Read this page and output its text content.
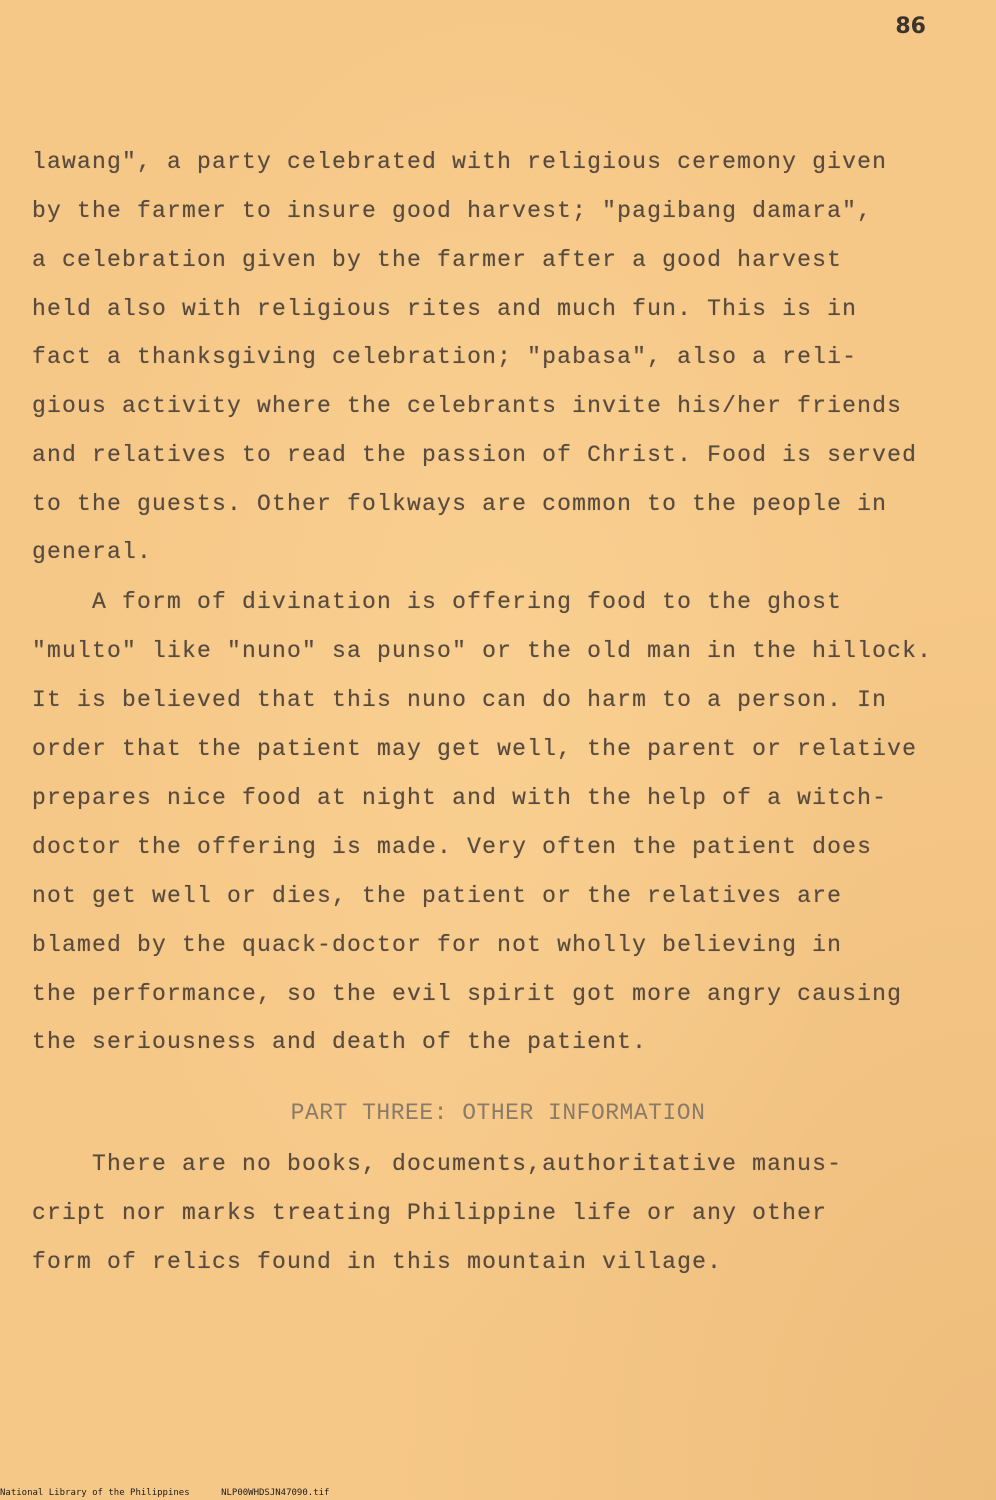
86
lawang", a party celebrated with religious ceremony given
by the farmer to insure good harvest; "pagibang damara",
a celebration given by the farmer after a good harvest
held also with religious rites and much fun. This is in
fact a thanksgiving celebration; "pabasa", also a reli-
gious activity where the celebrants invite his/her friends
and relatives to read the passion of Christ. Food is served
to the guests. Other folkways are common to the people in
general.
A form of divination is offering food to the ghost
"multo" like "nuno" sa punso" or the old man in the hillock.
It is believed that this nuno can do harm to a person. In
order that the patient may get well, the parent or relative
prepares nice food at night and with the help of a witch-
doctor the offering is made. Very often the patient does
not get well or dies, the patient or the relatives are
blamed by the quack-doctor for not wholly believing in
the performance, so the evil spirit got more angry causing
the seriousness and death of the patient.
PART THREE: OTHER INFORMATION
There are no books, documents,authoritative manus-
cript nor marks treating Philippine life or any other
form of relics found in this mountain village.
National Library of the Philippines	NLP00WHDSJN47090.tif
